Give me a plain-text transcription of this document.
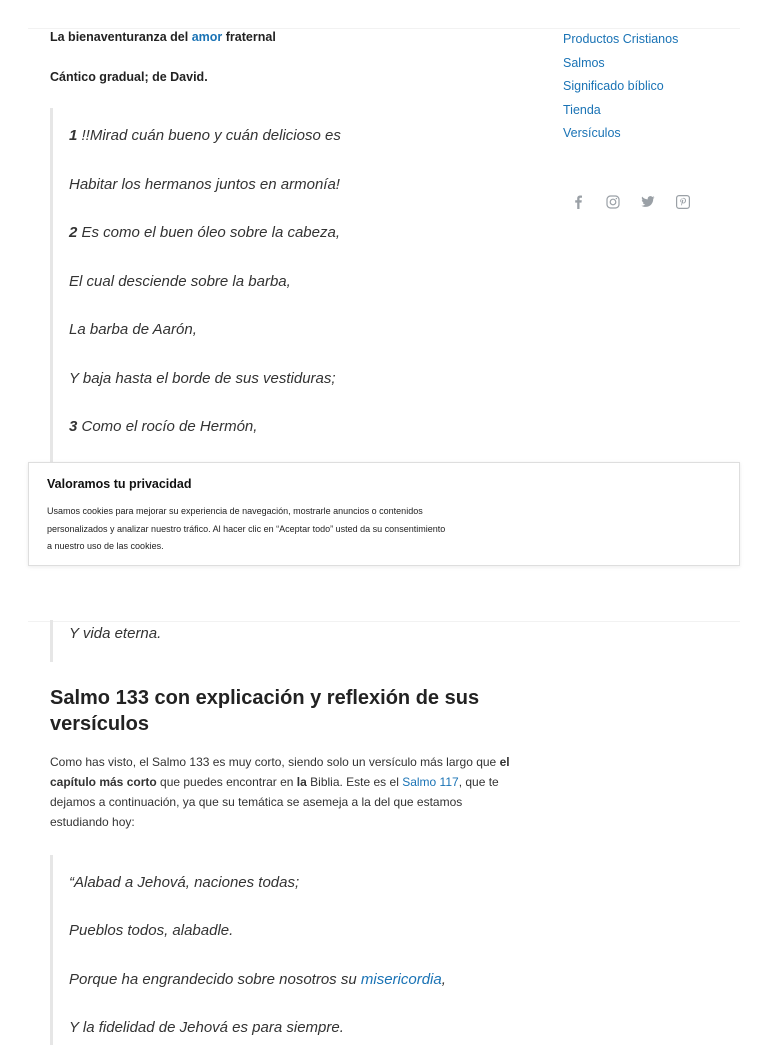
La bienaventuranza del amor fraternal

Cántico gradual; de David.

1 !!Mirad cuán bueno y cuán delicioso es

Habitar los hermanos juntos en armonía!

2 Es como el buen óleo sobre la cabeza,

El cual desciende sobre la barba,

La barba de Aarón,

Y baja hasta el borde de sus vestiduras;

3 Como el rocío de Hermón,

Productos Cristianos
Salmos
Significado bíblico
Tienda
Versículos

Valoramos tu privacidad

Usamos cookies para mejorar su experiencia de navegación, mostrarle anuncios o contenidos personalizados y analizar nuestro tráfico. Al hacer clic en “Aceptar todo” usted da su consentimiento a nuestro uso de las cookies.

Y vida eterna.

Salmo 133 con explicación y reflexión de sus versículos

Como has visto, el Salmo 133 es muy corto, siendo solo un versículo más largo que el capítulo más corto que puedes encontrar en la Biblia. Este es el Salmo 117, que te dejamos a continuación, ya que su temática se asemeja a la del que estamos estudiando hoy:

“Alabad a Jehová, naciones todas;

Pueblos todos, alabadle.

Porque ha engrandecido sobre nosotros su misericordia,

Y la fidelidad de Jehová es para siempre.
